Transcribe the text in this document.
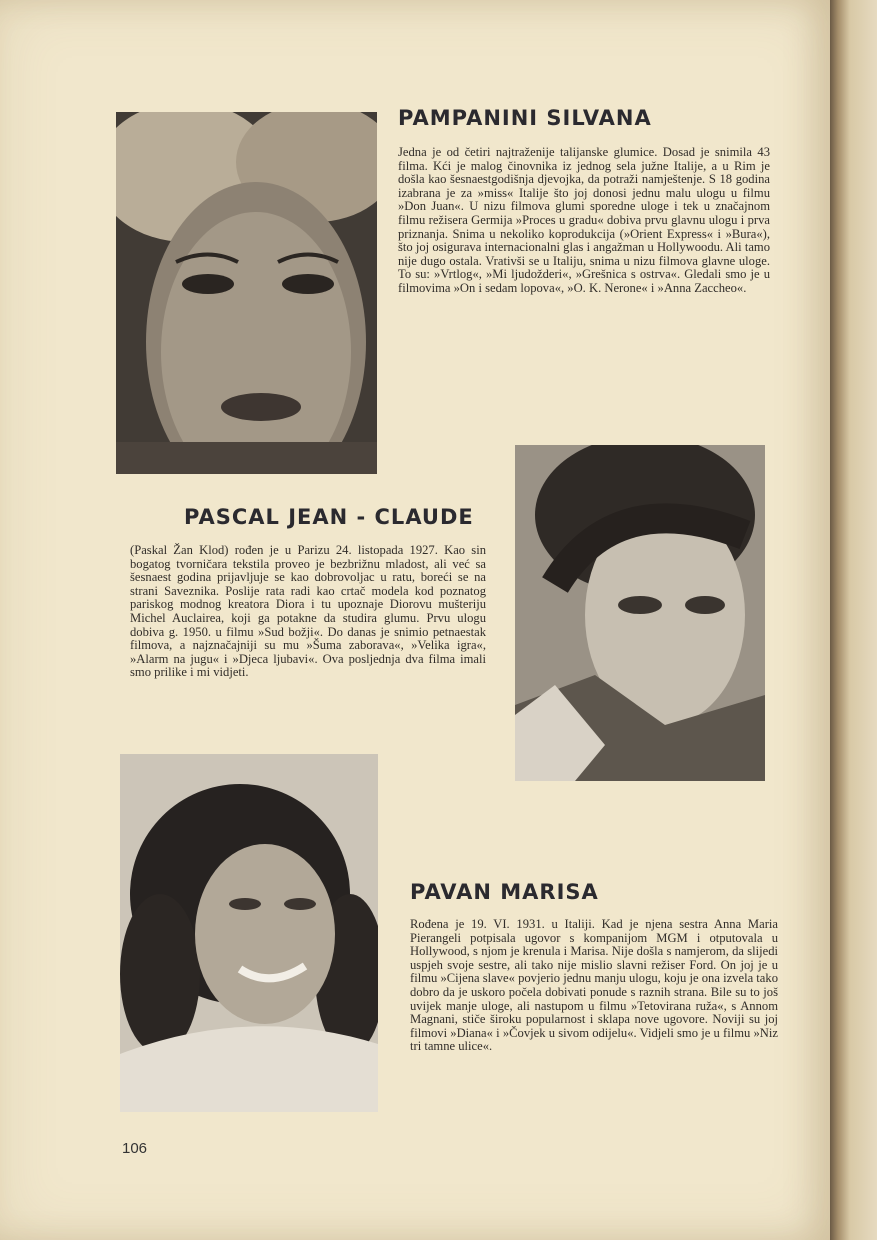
PAMPANINI SILVANA

Jedna je od četiri najtraženije talijanske glumice. Dosad je snimila 43 filma. Kći je malog činovnika iz jednog sela južne Italije, a u Rim je došla kao šesnaestgodišnja djevojka, da potraži namještenje. S 18 godina izabrana je za »miss« Italije što joj donosi jednu malu ulogu u filmu »Don Juan«. U nizu filmova glumi sporedne uloge i tek u značajnom filmu režisera Germija »Proces u gradu« dobiva prvu glavnu ulogu i prva priznanja. Snima u nekoliko koprodukcija (»Orient Express« i »Bura«), što joj osigurava internacionalni glas i angažman u Hollywoodu. Ali tamo nije dugo ostala. Vrativši se u Italiju, snima u nizu filmova glavne uloge. To su: »Vrtlog«, »Mi ljudožderi«, »Grešnica s ostrva«. Gledali smo je u filmovima »On i sedam lopova«, »O. K. Nerone« i »Anna Zaccheo«.

PASCAL JEAN - CLAUDE

(Paskal Žan Klod) rođen je u Parizu 24. listopada 1927. Kao sin bogatog tvorničara tekstila proveo je bezbrižnu mladost, ali već sa šesnaest godina prijavljuje se kao dobrovoljac u ratu, boreći se na strani Saveznika. Poslije rata radi kao crtač modela kod poznatog pariskog modnog kreatora Diora i tu upoznaje Diorovu mušteriju Michel Auclairea, koji ga potakne da studira glumu. Prvu ulogu dobiva g. 1950. u filmu »Sud božji«. Do danas je snimio petnaestak filmova, a najznačajniji su mu »Šuma zaboravа«, »Velika igra«, »Alarm na jugu« i »Djeca ljubavi«. Ova posljednja dva filma imali smo prilike i mi vidjeti.

PAVAN MARISA

Rođena je 19. VI. 1931. u Italiji. Kad je njena sestra Anna Maria Pierangeli potpisala ugovor s kompanijom MGM i otputovala u Hollywood, s njom je krenula i Marisa. Nije došla s namjerom, da slijedi uspjeh svoje sestre, ali tako nije mislio slavni režiser Ford. On joj je u filmu »Cijena slave« povjerio jednu manju ulogu, koju je ona izvela tako dobro da je uskoro počela dobivati ponude s raznih strana. Bile su to još uvijek manje uloge, ali nastupom u filmu »Tetovirana ruža«, s Annom Magnani, stiče široku popularnost i sklapa nove ugovore. Noviji su joj filmovi »Diana« i »Čovjek u sivom odijelu«. Vidjeli smo je u filmu »Niz tri tamne ulice«.

106
